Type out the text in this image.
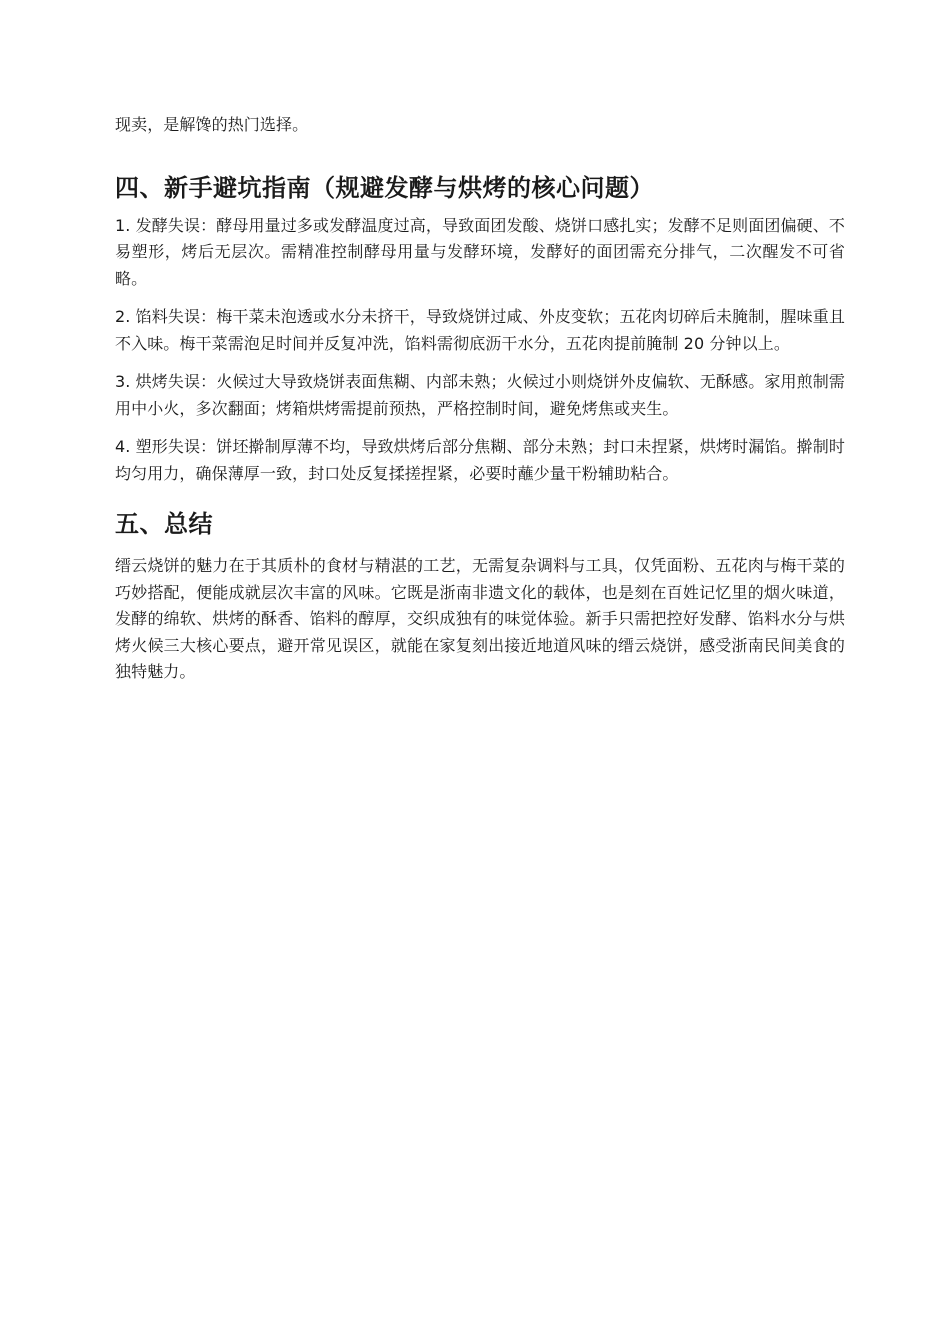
现卖，是解馋的热门选择。

四、新手避坑指南（规避发酵与烘烤的核心问题）

1. 发酵失误：酵母用量过多或发酵温度过高，导致面团发酸、烧饼口感扎实；发酵不足则面团偏硬、不易塑形，烤后无层次。需精准控制酵母用量与发酵环境，发酵好的面团需充分排气，二次醒发不可省略。

2. 馅料失误：梅干菜未泡透或水分未挤干，导致烧饼过咸、外皮变软；五花肉切碎后未腌制，腥味重且不入味。梅干菜需泡足时间并反复冲洗，馅料需彻底沥干水分，五花肉提前腌制 20 分钟以上。

3. 烘烤失误：火候过大导致烧饼表面焦糊、内部未熟；火候过小则烧饼外皮偏软、无酥感。家用煎制需用中小火，多次翻面；烤箱烘烤需提前预热，严格控制时间，避免烤焦或夹生。

4. 塑形失误：饼坯擀制厚薄不均，导致烘烤后部分焦糊、部分未熟；封口未捏紧，烘烤时漏馅。擀制时均匀用力，确保薄厚一致，封口处反复揉搓捏紧，必要时蘸少量干粉辅助粘合。

五、总结

缙云烧饼的魅力在于其质朴的食材与精湛的工艺，无需复杂调料与工具，仅凭面粉、五花肉与梅干菜的巧妙搭配，便能成就层次丰富的风味。它既是浙南非遗文化的载体，也是刻在百姓记忆里的烟火味道，发酵的绵软、烘烤的酥香、馅料的醇厚，交织成独有的味觉体验。新手只需把控好发酵、馅料水分与烘烤火候三大核心要点，避开常见误区，就能在家复刻出接近地道风味的缙云烧饼，感受浙南民间美食的独特魅力。
